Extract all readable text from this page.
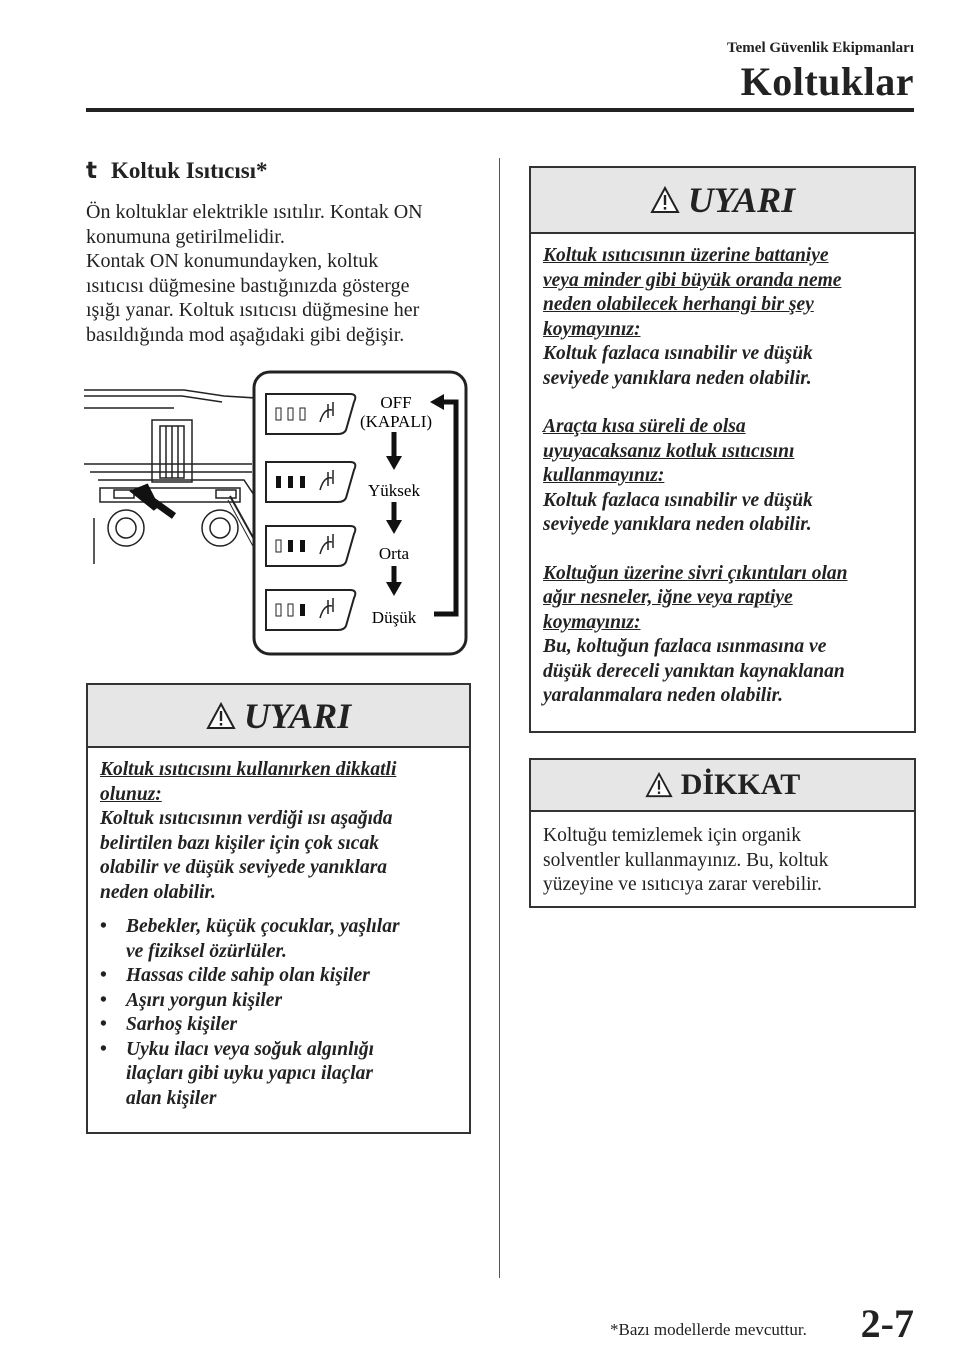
Temel Güvenlik Ekipmanları
Koltuklar
t Koltuk Isıtıcısı*
Ön koltuklar elektrikle ısıtılır. Kontak ON
konumuna getirilmelidir.
Kontak ON konumundayken, koltuk
ısıtıcısı düğmesine bastığınızda gösterge
ışığı yanar. Koltuk ısıtıcısı düğmesine her
basıldığında mod aşağıdaki gibi değişir.
OFF
(KAPALI)
Yüksek
Orta
Düşük
UYARI
Koltuk ısıtıcısını kullanırken dikkatli
olunuz:
Koltuk ısıtıcısının verdiği ısı aşağıda
belirtilen bazı kişiler için çok sıcak
olabilir ve düşük seviyede yanıklara
neden olabilir.
• Bebekler, küçük çocuklar, yaşlılar
ve fiziksel özürlüler.
• Hassas cilde sahip olan kişiler
• Aşırı yorgun kişiler
• Sarhoş kişiler
• Uyku ilacı veya soğuk algınlığı
ilaçları gibi uyku yapıcı ilaçlar
alan kişiler
UYARI
Koltuk ısıtıcısının üzerine battaniye
veya minder gibi büyük oranda neme
neden olabilecek herhangi bir şey
koymayınız:
Koltuk fazlaca ısınabilir ve düşük
seviyede yanıklara neden olabilir.
Araçta kısa süreli de olsa
uyuyacaksanız kotluk ısıtıcısını
kullanmayınız:
Koltuk fazlaca ısınabilir ve düşük
seviyede yanıklara neden olabilir.
Koltuğun üzerine sivri çıkıntıları olan
ağır nesneler, iğne veya raptiye
koymayınız:
Bu, koltuğun fazlaca ısınmasına ve
düşük dereceli yanıktan kaynaklanan
yaralanmalara neden olabilir.
DİKKAT
Koltuğu temizlemek için organik
solventler kullanmayınız. Bu, koltuk
yüzeyine ve ısıtıcıya zarar verebilir.
*Bazı modellerde mevcuttur. 2-7
